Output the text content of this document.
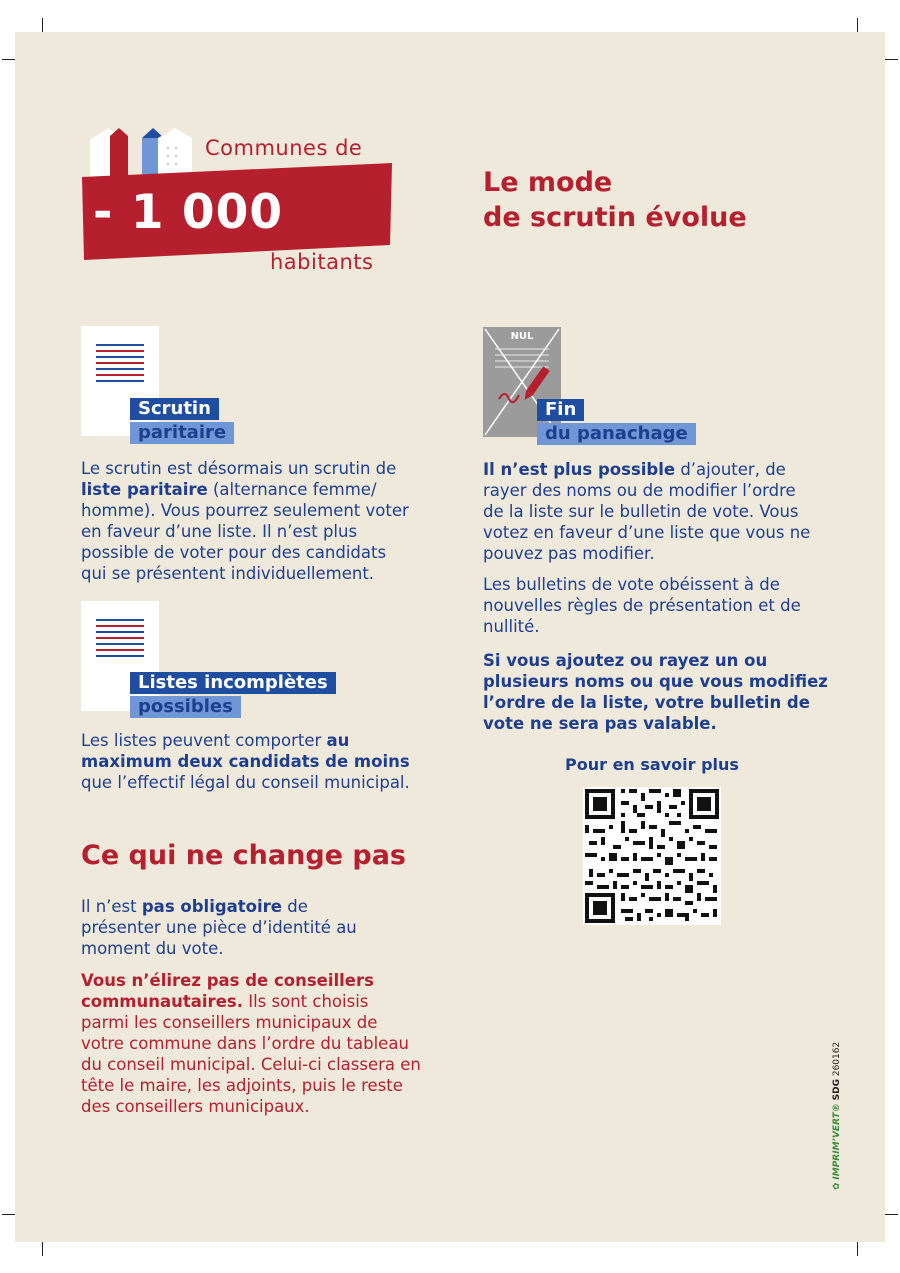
Communes de
- 1 000
habitants
Le mode
de scrutin évolue
Scrutin
paritaire
Le scrutin est désormais un scrutin de liste paritaire (alternance femme/ homme). Vous pourrez seulement voter en faveur d’une liste. Il n’est plus possible de voter pour des candidats qui se présentent individuellement.
Listes incomplètes
possibles
Les listes peuvent comporter au maximum deux candidats de moins que l’effectif légal du conseil municipal.
NUL
Fin
du panachage
Il n’est plus possible d’ajouter, de rayer des noms ou de modifier l’ordre de la liste sur le bulletin de vote. Vous votez en faveur d’une liste que vous ne pouvez pas modifier.
Les bulletins de vote obéissent à de nouvelles règles de présentation et de nullité.
Si vous ajoutez ou rayez un ou plusieurs noms ou que vous modifiez l’ordre de la liste, votre bulletin de vote ne sera pas valable.
Pour en savoir plus
Ce qui ne change pas
Il n’est pas obligatoire de présenter une pièce d’identité au moment du vote.
Vous n’élirez pas de conseillers communautaires. Ils sont choisis parmi les conseillers municipaux de votre commune dans l’ordre du tableau du conseil municipal. Celui-ci classera en tête le maire, les adjoints, puis le reste des conseillers municipaux.
✿ IMPRIM’VERT® SDG 260162
